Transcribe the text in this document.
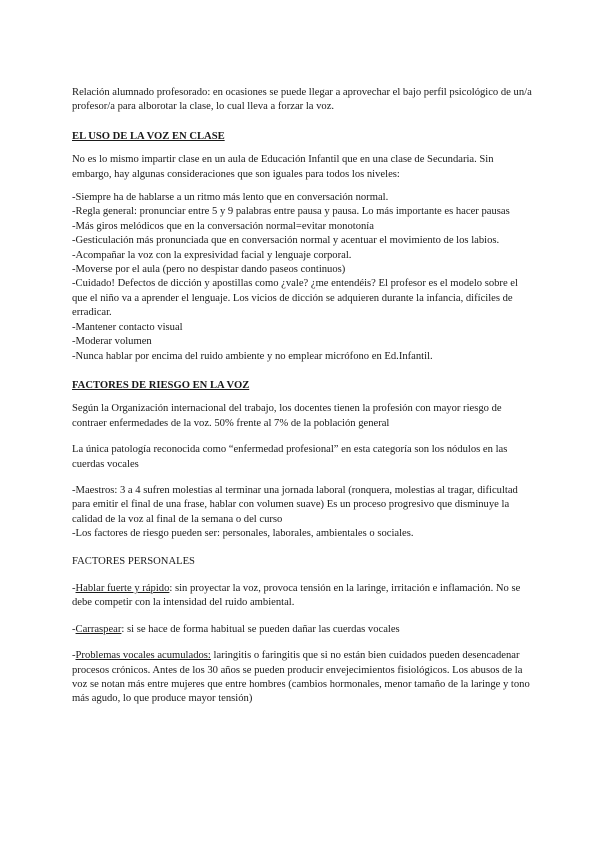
Relación alumnado profesorado: en ocasiones se puede llegar a aprovechar el bajo perfil psicológico de un/a profesor/a para alborotar la clase, lo cual lleva a forzar la voz.

EL USO DE LA VOZ EN CLASE

No es lo mismo impartir clase en un aula de Educación Infantil que en una clase de Secundaria. Sin embargo, hay algunas consideraciones que son iguales para todos los niveles:

-Siempre ha de hablarse a un ritmo más lento que en conversación normal.

-Regla general: pronunciar entre 5 y 9 palabras entre pausa y pausa. Lo más importante es hacer pausas

-Más giros melódicos que en la conversación normal=evitar monotonía

-Gesticulación más pronunciada que en conversación normal y acentuar el movimiento de los labios.

-Acompañar la voz con la expresividad facial y lenguaje corporal.

-Moverse por el aula (pero no despistar dando paseos continuos)

-Cuidado! Defectos de dicción y apostillas como ¿vale? ¿me entendéis? El profesor es el modelo sobre el que el niño va a aprender el lenguaje. Los vicios de dicción se adquieren durante la infancia, difíciles de erradicar.

-Mantener contacto visual

-Moderar volumen

-Nunca hablar por encima del ruido ambiente y no emplear micrófono en Ed.Infantil.

FACTORES DE RIESGO EN LA VOZ

Según la Organización internacional del trabajo, los docentes tienen la profesión con mayor riesgo de contraer enfermedades de la voz. 50% frente al 7% de la población general

La única patología reconocida como “enfermedad profesional” en esta categoría son los nódulos en las cuerdas vocales

-Maestros: 3 a 4 sufren molestias al terminar una jornada laboral (ronquera, molestias al tragar, dificultad para emitir el final de una frase, hablar con volumen suave) Es un proceso progresivo que disminuye la calidad de la voz al final de la semana o del curso

-Los factores de riesgo pueden ser: personales, laborales, ambientales o sociales.

FACTORES PERSONALES

-Hablar fuerte y rápido: sin proyectar la voz, provoca tensión en la laringe, irritación e inflamación. No se debe competir con la intensidad del ruido ambiental.

-Carraspear: si se hace de forma habitual se pueden dañar las cuerdas vocales

-Problemas vocales acumulados: laringitis o faringitis que si no están bien cuidados pueden desencadenar procesos crónicos. Antes de los 30 años se pueden producir envejecimientos fisiológicos. Los abusos de la voz se notan más entre mujeres que entre hombres (cambios hormonales, menor tamaño de la laringe y tono más agudo, lo que produce mayor tensión)
